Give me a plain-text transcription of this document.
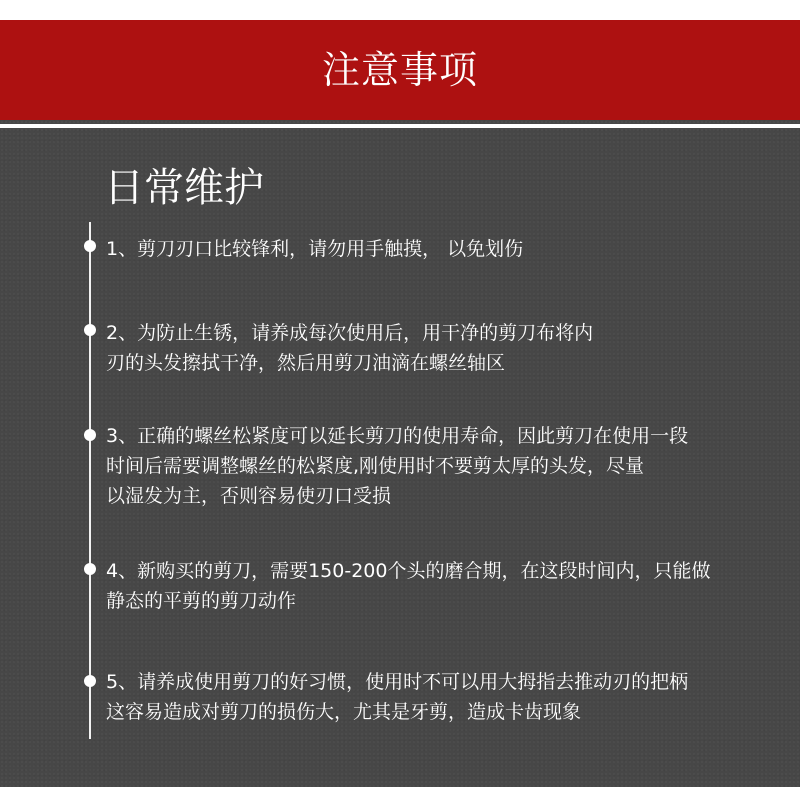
注意事项
日常维护
1、剪刀刃口比较锋利，请勿用手触摸， 以免划伤
2、为防止生锈，请养成每次使用后，用干净的剪刀布将内
刃的头发擦拭干净，然后用剪刀油滴在螺丝轴区
3、正确的螺丝松紧度可以延长剪刀的使用寿命，因此剪刀在使用一段
时间后需要调整螺丝的松紧度,刚使用时不要剪太厚的头发，尽量
以湿发为主，否则容易使刃口受损
4、新购买的剪刀，需要150-200个头的磨合期，在这段时间内，只能做
静态的平剪的剪刀动作
5、请养成使用剪刀的好习惯，使用时不可以用大拇指去推动刃的把柄
这容易造成对剪刀的损伤大，尤其是牙剪，造成卡齿现象
